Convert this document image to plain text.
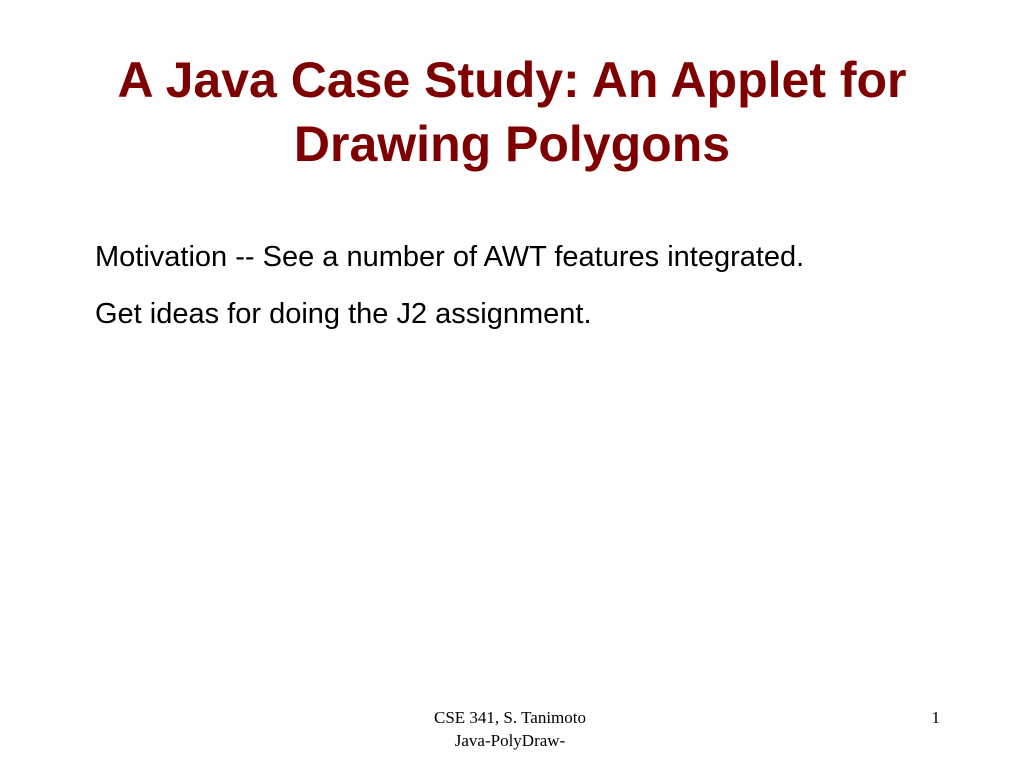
A Java Case Study: An Applet for
Drawing Polygons

Motivation -- See a number of AWT features integrated.

Get ideas for doing the J2 assignment.

CSE 341, S. Tanimoto
Java-PolyDraw-
1
